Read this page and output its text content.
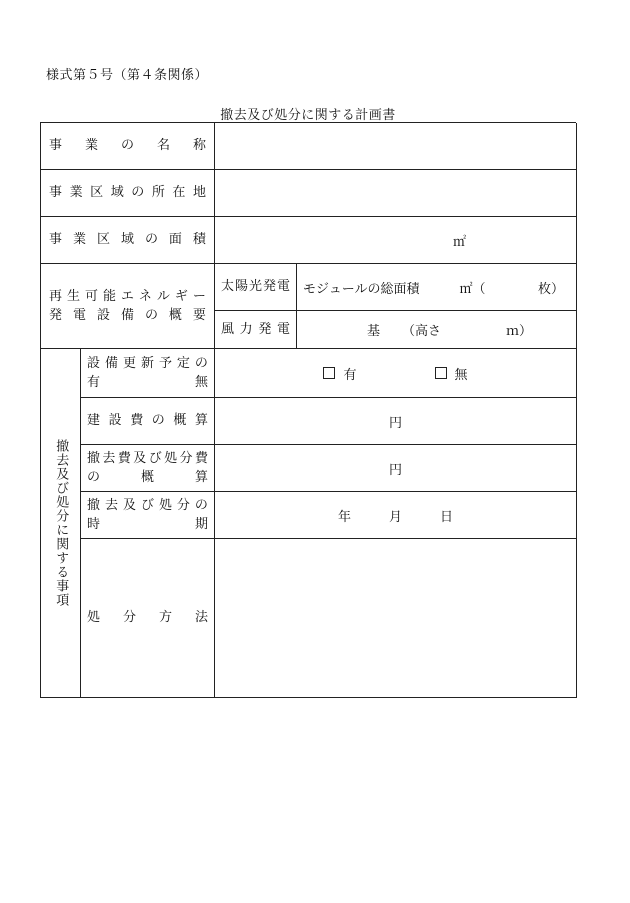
様式第５号（第４条関係）
撤去及び処分に関する計画書
事 業 の 名 称
事 業 区 域 の 所 在 地
事 業 区 域 の 面 積	㎡
再 生 可 能 エ ネ ル ギ ー
発 電 設 備 の 概 要
太 陽 光 発 電 モジュールの総面積	㎡（	枚）
風 力 発 電	基 （高さ	ｍ）
撤去及び処分に関する事項
設 備 更 新 予 定 の
有無	有	無
建 設 費 の 概 算	円
撤 去 費 及 び 処 分 費
の概算	円
撤 去 及 び 処 分 の
時期	年	月	日
処 分 方 法
